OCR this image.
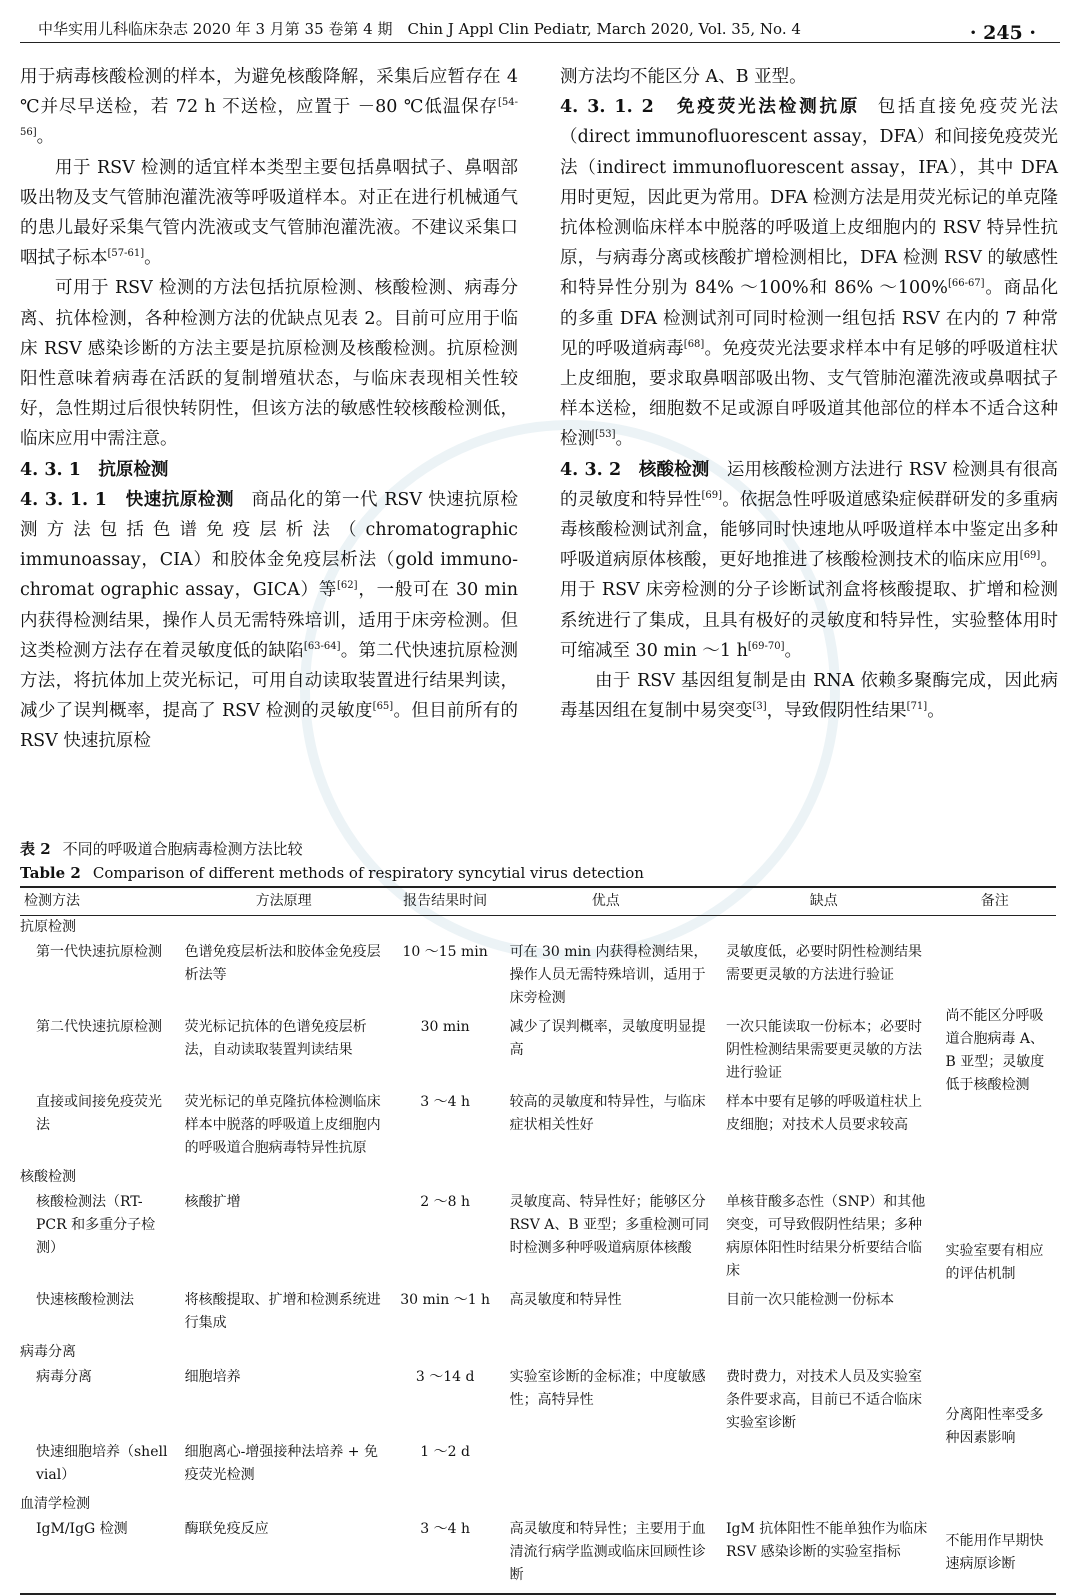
中华实用儿科临床杂志 2020 年 3 月第 35 卷第 4 期　Chin J Appl Clin Pediatr, March 2020, Vol. 35, No. 4	· 245 ·

用于病毒核酸检测的样本，为避免核酸降解，采集后应暂存在 4 ℃并尽早送检，若 72 h 不送检，应置于 －80 ℃低温保存[54-56]。

用于 RSV 检测的适宜样本类型主要包括鼻咽拭子、鼻咽部吸出物及支气管肺泡灌洗液等呼吸道样本。对正在进行机械通气的患儿最好采集气管内洗液或支气管肺泡灌洗液。不建议采集口咽拭子标本[57-61]。

可用于 RSV 检测的方法包括抗原检测、核酸检测、病毒分离、抗体检测，各种检测方法的优缺点见表 2。目前可应用于临床 RSV 感染诊断的方法主要是抗原检测及核酸检测。抗原检测阳性意味着病毒在活跃的复制增殖状态，与临床表现相关性较好，急性期过后很快转阴性，但该方法的敏感性较核酸检测低，临床应用中需注意。

4. 3. 1　抗原检测

4. 3. 1. 1　快速抗原检测 商品化的第一代 RSV 快速抗原检测方法包括色谱免疫层析法（chromatographic immunoassay，CIA）和胶体金免疫层析法（gold immuno-chromat ographic assay，GICA）等[62]，一般可在 30 min 内获得检测结果，操作人员无需特殊培训，适用于床旁检测。但这类检测方法存在着灵敏度低的缺陷[63-64]。第二代快速抗原检测方法，将抗体加上荧光标记，可用自动读取装置进行结果判读，减少了误判概率，提高了 RSV 检测的灵敏度[65]。但目前所有的 RSV 快速抗原检

测方法均不能区分 A、B 亚型。

4. 3. 1. 2　免疫荧光法检测抗原 包括直接免疫荧光法（direct immunofluorescent assay，DFA）和间接免疫荧光法（indirect immunofluorescent assay，IFA），其中 DFA 用时更短，因此更为常用。DFA 检测方法是用荧光标记的单克隆抗体检测临床样本中脱落的呼吸道上皮细胞内的 RSV 特异性抗原，与病毒分离或核酸扩增检测相比，DFA 检测 RSV 的敏感性和特异性分别为 84% ～100%和 86% ～100%[66-67]。商品化的多重 DFA 检测试剂可同时检测一组包括 RSV 在内的 7 种常见的呼吸道病毒[68]。免疫荧光法要求样本中有足够的呼吸道柱状上皮细胞，要求取鼻咽部吸出物、支气管肺泡灌洗液或鼻咽拭子样本送检，细胞数不足或源自呼吸道其他部位的样本不适合这种检测[53]。

4. 3. 2　核酸检测 运用核酸检测方法进行 RSV 检测具有很高的灵敏度和特异性[69]。依据急性呼吸道感染症候群研发的多重病毒核酸检测试剂盒，能够同时快速地从呼吸道样本中鉴定出多种呼吸道病原体核酸，更好地推进了核酸检测技术的临床应用[69]。用于 RSV 床旁检测的分子诊断试剂盒将核酸提取、扩增和检测系统进行了集成，且具有极好的灵敏度和特异性，实验整体用时可缩减至 30 min ～1 h[69-70]。

由于 RSV 基因组复制是由 RNA 依赖多聚酶完成，因此病毒基因组在复制中易突变[3]，导致假阴性结果[71]。

表 2 不同的呼吸道合胞病毒检测方法比较
Table 2 Comparison of different methods of respiratory syncytial virus detection
检测方法	方法原理	报告结果时间	优点	缺点	备注
抗原检测					
第一代快速抗原检测	色谱免疫层析法和胶体金免疫层析法等	10 ～15 min	可在 30 min 内获得检测结果，操作人员无需特殊培训，适用于床旁检测	灵敏度低，必要时阴性检测结果需要更灵敏的方法进行验证	尚不能区分呼吸道合胞病毒 A、B 亚型；灵敏度低于核酸检测
第二代快速抗原检测	荧光标记抗体的色谱免疫层析法，自动读取装置判读结果	30 min	减少了误判概率，灵敏度明显提高	一次只能读取一份标本；必要时阴性检测结果需要更灵敏的方法进行验证	
直接或间接免疫荧光法	荧光标记的单克隆抗体检测临床样本中脱落的呼吸道上皮细胞内的呼吸道合胞病毒特异性抗原	3 ～4 h	较高的灵敏度和特异性，与临床症状相关性好	样本中要有足够的呼吸道柱状上皮细胞；对技术人员要求较高	
核酸检测					
核酸检测法（RT-PCR 和多重分子检测）	核酸扩增	2 ～8 h	灵敏度高、特异性好；能够区分 RSV A、B 亚型；多重检测可同时检测多种呼吸道病原体核酸	单核苷酸多态性（SNP）和其他突变，可导致假阴性结果；多种病原体阳性时结果分析要结合临床	实验室要有相应的评估机制
快速核酸检测法	将核酸提取、扩增和检测系统进行集成	30 min ～1 h	高灵敏度和特异性	目前一次只能检测一份标本	
病毒分离					
病毒分离	细胞培养	3 ～14 d	实验室诊断的金标准；中度敏感性；高特异性	费时费力，对技术人员及实验室条件要求高，目前已不适合临床实验室诊断	分离阳性率受多种因素影响
快速细胞培养（shell vial）	细胞离心-增强接种法培养 + 免疫荧光检测	1 ～2 d			
血清学检测					
IgM/IgG 检测	酶联免疫反应	3 ～4 h	高灵敏度和特异性；主要用于血清流行病学监测或临床回顾性诊断	IgM 抗体阳性不能单独作为临床 RSV 感染诊断的实验室指标	不能用作早期快速病原诊断
